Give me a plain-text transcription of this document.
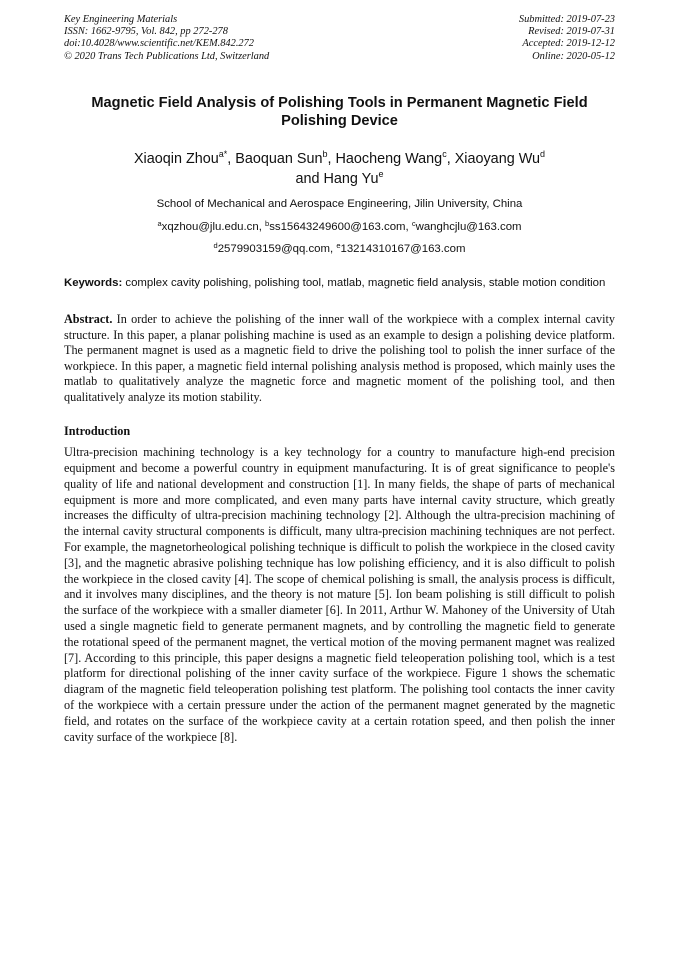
Key Engineering Materials
ISSN: 1662-9795, Vol. 842, pp 272-278
doi:10.4028/www.scientific.net/KEM.842.272
© 2020 Trans Tech Publications Ltd, Switzerland
Submitted: 2019-07-23
Revised: 2019-07-31
Accepted: 2019-12-12
Online: 2020-05-12
Magnetic Field Analysis of Polishing Tools in Permanent Magnetic Field Polishing Device
Xiaoqin Zhou$^{a*}$, Baoquan Sun$^b$, Haocheng Wang$^c$, Xiaoyang Wu$^d$
and Hang Yu$^e$
School of Mechanical and Aerospace Engineering, Jilin University, China
$^a$xqzhou@jlu.edu.cn, $^b$ss15643249600@163.com, $^c$wanghcjlu@163.com
$^d$2579903159@qq.com, $^e$13214310167@163.com
Keywords: complex cavity polishing, polishing tool, matlab, magnetic field analysis, stable motion condition
Abstract. In order to achieve the polishing of the inner wall of the workpiece with a complex internal cavity structure. In this paper, a planar polishing machine is used as an example to design a polishing device platform. The permanent magnet is used as a magnetic field to drive the polishing tool to polish the inner surface of the workpiece. In this paper, a magnetic field internal polishing analysis method is proposed, which mainly uses the matlab to qualitatively analyze the magnetic force and magnetic moment of the polishing tool, and then qualitatively analyze its motion stability.
Introduction
Ultra-precision machining technology is a key technology for a country to manufacture high-end precision equipment and become a powerful country in equipment manufacturing. It is of great significance to people's quality of life and national development and construction [1]. In many fields, the shape of parts of mechanical equipment is more and more complicated, and even many parts have internal cavity structure, which greatly increases the difficulty of ultra-precision machining technology [2]. Although the ultra-precision machining of the internal cavity structural components is difficult, many ultra-precision machining techniques are not perfect. For example, the magnetorheological polishing technique is difficult to polish the workpiece in the closed cavity [3], and the magnetic abrasive polishing technique has low polishing efficiency, and it is also difficult to polish the workpiece in the closed cavity [4]. The scope of chemical polishing is small, the analysis process is difficult, and it involves many disciplines, and the theory is not mature [5]. Ion beam polishing is still difficult to polish the surface of the workpiece with a smaller diameter [6]. In 2011, Arthur W. Mahoney of the University of Utah used a single magnetic field to generate permanent magnets, and by controlling the magnetic field to generate the rotational speed of the permanent magnet, the vertical motion of the moving permanent magnet was realized [7]. According to this principle, this paper designs a magnetic field teleoperation polishing tool, which is a test platform for directional polishing of the inner cavity surface of the workpiece. Figure 1 shows the schematic diagram of the magnetic field teleoperation polishing test platform. The polishing tool contacts the inner cavity of the workpiece with a certain pressure under the action of the permanent magnet generated by the magnetic field, and rotates on the surface of the workpiece cavity at a certain rotation speed, and then polish the inner cavity surface of the workpiece [8].
